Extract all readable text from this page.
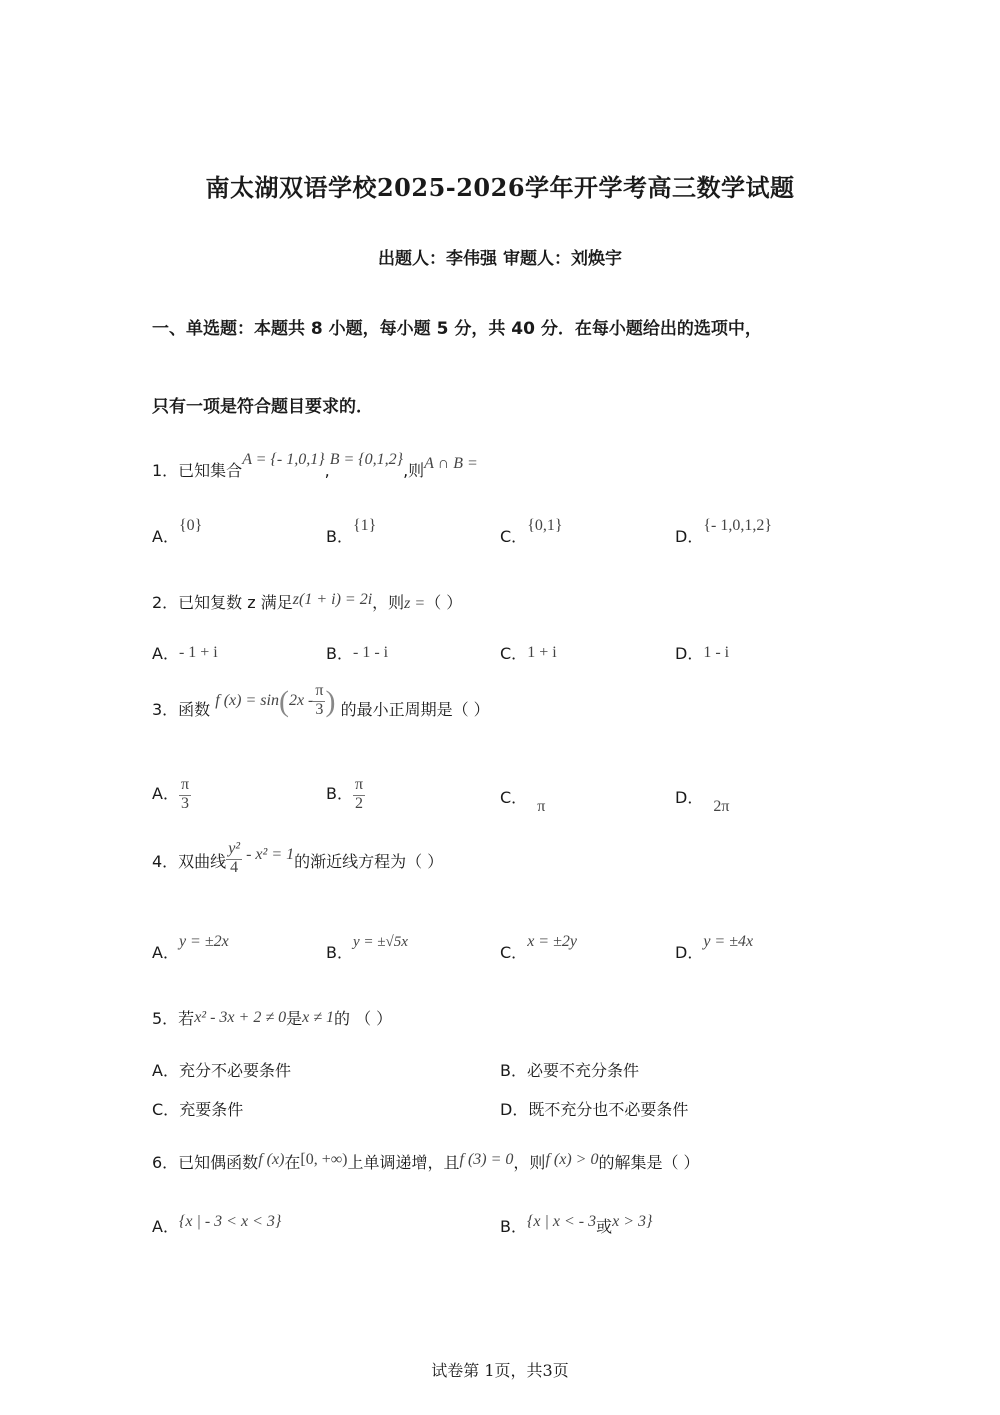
南太湖双语学校2025-2026学年开学考高三数学试题
出题人：李伟强 审题人：刘焕宇
一、单选题：本题共 8 小题，每小题 5 分，共 40 分．在每小题给出的选项中，
只有一项是符合题目要求的．
1．已知集合A = {- 1,0,1},B = {0,1,2},则A ∩ B =
A．{0}
B．{1}
C．{0,1}
D．{- 1,0,1,2}
2．已知复数 z 满足z(1 + i) = 2i，则z =（ ）
A．- 1 + i	B．- 1 - i	C．1 + i	D．1 - i
3．函数 f $(x) = \sin(2x - \frac{\pi}{3}$ ) 的最小正周期是（ ）
A． $\frac{\pi}{3}$	B． $\frac{\pi}{2}$	C． π	D． 2π
4．双曲线 $\frac{\text{y²}}{4} - x^2 = 1$的渐近线方程为（ ）
A．y = ±2x
B．y = ±√5x
C．x = ±2y
D．y = ±4x
5．若x² - 3x + 2 ≠ 0是x ≠ 1的 （ ）
A．充分不必要条件	B．必要不充分条件
C．充要条件	D．既不充分也不必要条件
6．已知偶函数f (x)在[0, +∞)上单调递增，且f (3) = 0，则f (x) > 0的解集是（ ）
A．{x | - 3 < x < 3}	B．{x | x < - 3或x > 3}
试卷第 1页，共3页
